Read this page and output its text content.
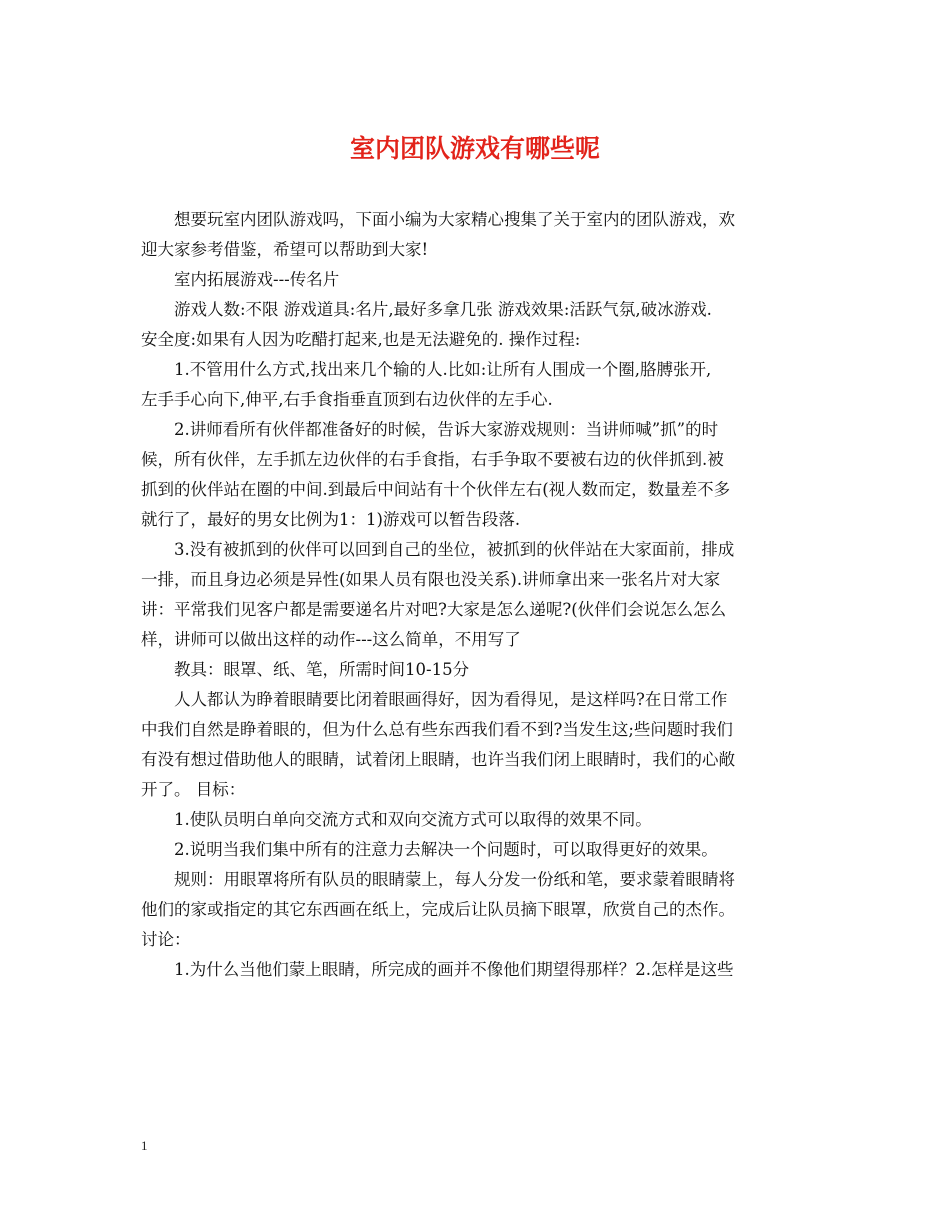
室内团队游戏有哪些呢

想要玩室内团队游戏吗，下面小编为大家精心搜集了关于室内的团队游戏，欢
迎大家参考借鉴，希望可以帮助到大家!

室内拓展游戏---传名片

游戏人数:不限 游戏道具:名片,最好多拿几张 游戏效果:活跃气氛,破冰游戏.
安全度:如果有人因为吃醋打起来,也是无法避免的. 操作过程:

1.不管用什么方式,找出来几个输的人.比如:让所有人围成一个圈,胳膊张开,
左手手心向下,伸平,右手食指垂直顶到右边伙伴的左手心.

2.讲师看所有伙伴都准备好的时候，告诉大家游戏规则：当讲师喊”抓”的时
候，所有伙伴，左手抓左边伙伴的右手食指，右手争取不要被右边的伙伴抓到.被
抓到的伙伴站在圈的中间.到最后中间站有十个伙伴左右(视人数而定，数量差不多
就行了，最好的男女比例为1：1)游戏可以暂告段落.

3.没有被抓到的伙伴可以回到自己的坐位，被抓到的伙伴站在大家面前，排成
一排，而且身边必须是异性(如果人员有限也没关系).讲师拿出来一张名片对大家
讲：平常我们见客户都是需要递名片对吧?大家是怎么递呢?(伙伴们会说怎么怎么
样，讲师可以做出这样的动作---这么简单，不用写了

教具：眼罩、纸、笔，所需时间10-15分

人人都认为睁着眼睛要比闭着眼画得好，因为看得见，是这样吗?在日常工作
中我们自然是睁着眼的，但为什么总有些东西我们看不到?当发生这;些问题时我们
有没有想过借助他人的眼睛，试着闭上眼睛，也许当我们闭上眼睛时，我们的心敞
开了。 目标：

1.使队员明白单向交流方式和双向交流方式可以取得的效果不同。

2.说明当我们集中所有的注意力去解决一个问题时，可以取得更好的效果。

规则：用眼罩将所有队员的眼睛蒙上，每人分发一份纸和笔，要求蒙着眼睛将
他们的家或指定的其它东西画在纸上，完成后让队员摘下眼罩，欣赏自己的杰作。
讨论：

1.为什么当他们蒙上眼睛，所完成的画并不像他们期望得那样？2.怎样是这些

1
